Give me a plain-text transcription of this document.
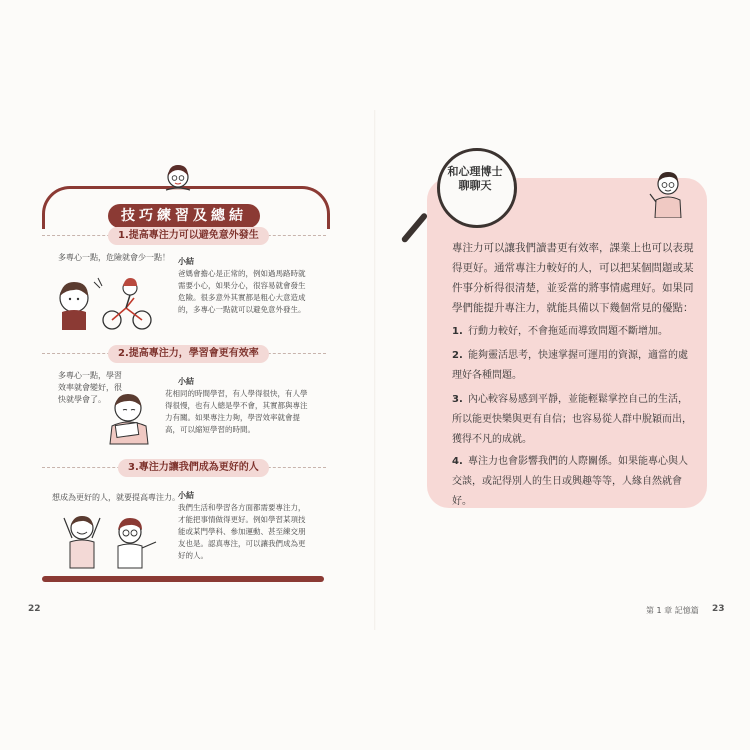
技巧練習及總結
1.提高專注力可以避免意外發生
多專心一點，危險就會少一點！	小結
爸媽會擔心是正常的，例如過馬路時就需要小心，如果分心，很容易就會發生危險。很多意外其實都是粗心大意造成的，多專心一點就可以避免意外發生。
2.提高專注力，學習會更有效率
多專心一點，學習效率就會變好，很快就學會了。
小結
花相同的時間學習，有人學得很快，有人學得很慢，也有人總是學不會，其實都與專注力有關。如果專注力夠，學習效率就會提高，可以縮短學習的時間。
3.專注力讓我們成為更好的人
想成為更好的人，就要提高專注力。
小結
我們生活和學習各方面都需要專注力，才能把事情做得更好。例如學習某項技能或某門學科、參加運動、甚至練交朋友也是。認真專注，可以讓我們成為更好的人。
22
和心理博士聊聊天
專注力可以讓我們讀書更有效率，課業上也可以表現得更好。通常專注力較好的人，可以把某個問題或某件事分析得很清楚，並妥當的將事情處理好。如果同學們能提升專注力，就能具備以下幾個常見的優點：
1. 行動力較好，不會拖延而導致問題不斷增加。
2. 能夠靈活思考，快速掌握可運用的資源，適當的處理好各種問題。
3. 內心較容易感到平靜，並能輕鬆掌控自己的生活，所以能更快樂與更有自信；也容易從人群中脫穎而出，獲得不凡的成就。
4. 專注力也會影響我們的人際關係。如果能專心與人交談，或記得別人的生日或興趣等等，人緣自然就會好。
第 1 章 記憶篇 23
